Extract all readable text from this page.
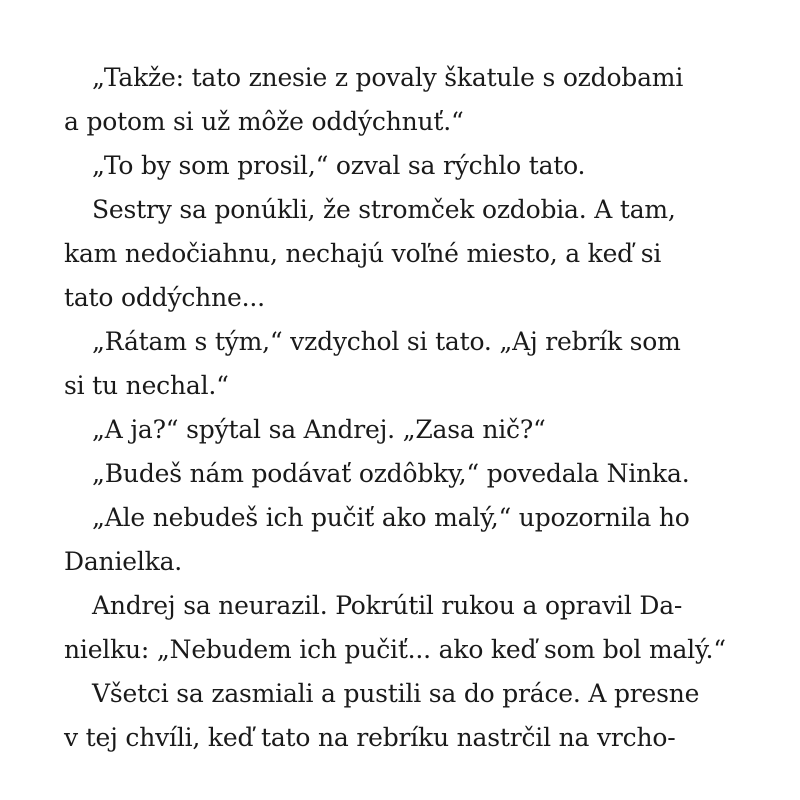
„Takže: tato znesie z povaly škatule s ozdobami
a potom si už môže oddýchnuť.“
„To by som prosil,“ ozval sa rýchlo tato.
Sestry sa ponúkli, že stromček ozdobia. A tam,
kam nedočiahnu, nechajú voľné miesto, a keď si
tato oddýchne...
„Rátam s tým,“ vzdychol si tato. „Aj rebrík som
si tu nechal.“
„A ja?“ spýtal sa Andrej. „Zasa nič?“
„Budeš nám podávať ozdôbky,“ povedala Ninka.
„Ale nebudeš ich pučiť ako malý,“ upozornila ho
Danielka.
Andrej sa neurazil. Pokrútil rukou a opravil Da-
nielku: „Nebudem ich pučiť... ako keď som bol malý.“
Všetci sa zasmiali a pustili sa do práce. A presne
v tej chvíli, keď tato na rebríku nastrčil na vrcho-
